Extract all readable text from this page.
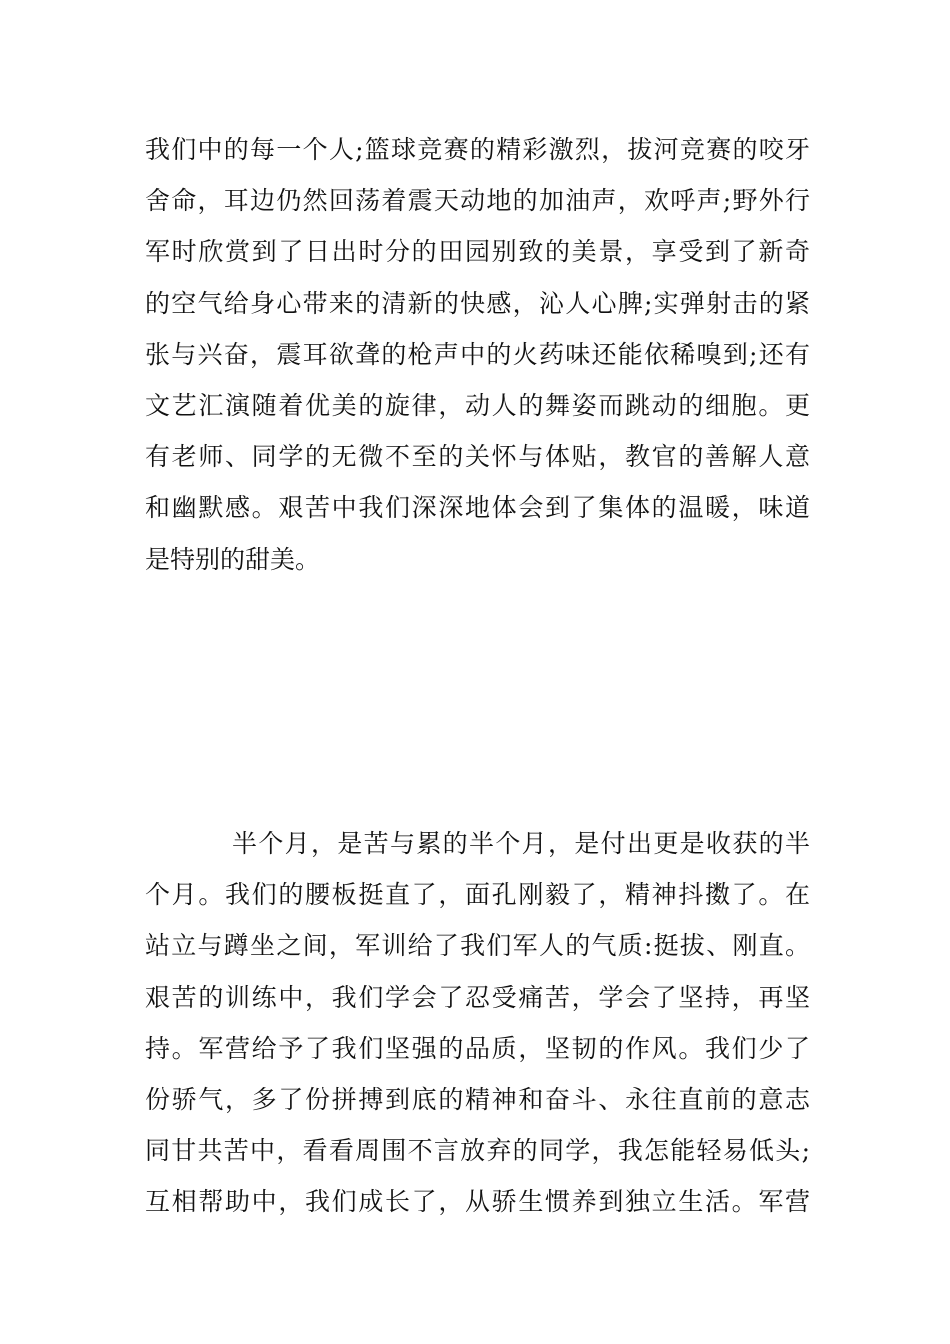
我们中的每一个人;篮球竞赛的精彩激烈，拔河竞赛的咬牙
舍命，耳边仍然回荡着震天动地的加油声，欢呼声;野外行
军时欣赏到了日出时分的田园别致的美景，享受到了新奇
的空气给身心带来的清新的快感，沁人心脾;实弹射击的紧
张与兴奋，震耳欲聋的枪声中的火药味还能依稀嗅到;还有
文艺汇演随着优美的旋律，动人的舞姿而跳动的细胞。更
有老师、同学的无微不至的关怀与体贴，教官的善解人意
和幽默感。艰苦中我们深深地体会到了集体的温暖，味道
是特别的甜美。
半个月，是苦与累的半个月，是付出更是收获的半
个月。我们的腰板挺直了，面孔刚毅了，精神抖擞了。在
站立与蹲坐之间，军训给了我们军人的气质:挺拔、刚直。
艰苦的训练中，我们学会了忍受痛苦，学会了坚持，再坚
持。军营给予了我们坚强的品质，坚韧的作风。我们少了
份骄气，多了份拼搏到底的精神和奋斗、永往直前的意志
同甘共苦中，看看周围不言放弃的同学，我怎能轻易低头;
互相帮助中，我们成长了，从骄生惯养到独立生活。军营
